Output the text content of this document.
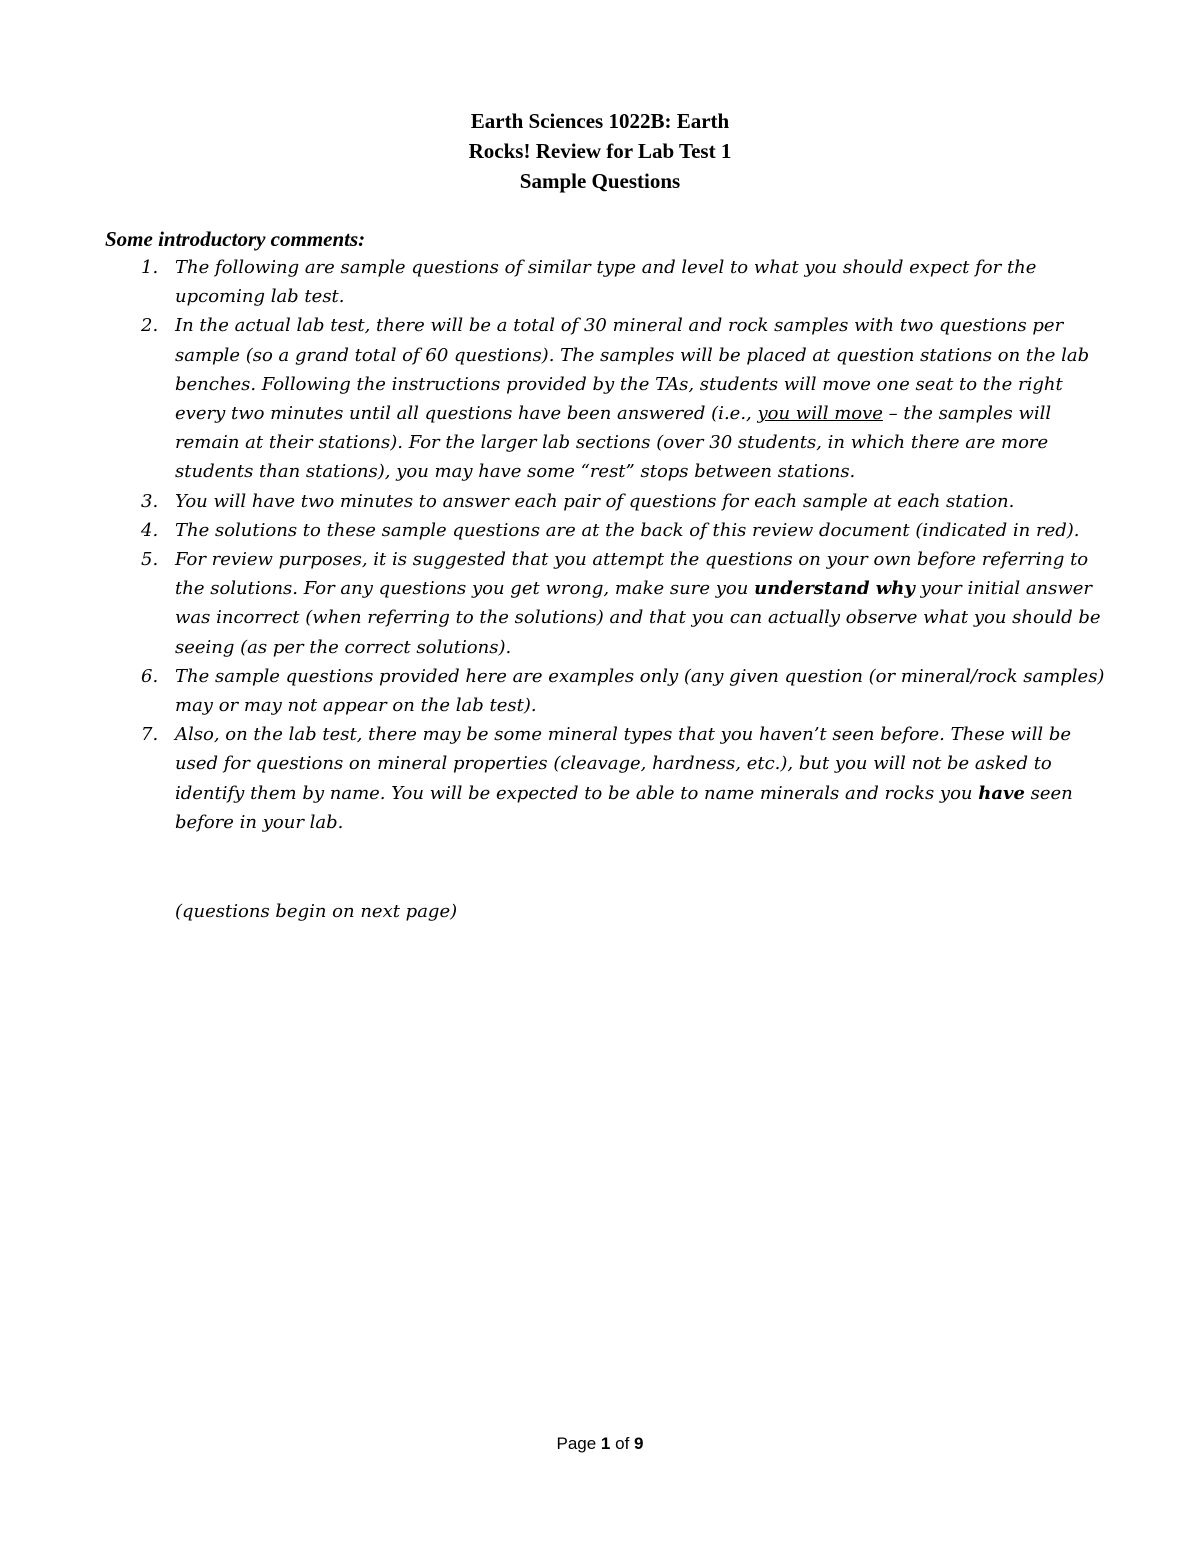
Earth Sciences 1022B: Earth
Rocks! Review for Lab Test 1
Sample Questions
Some introductory comments:
1. The following are sample questions of similar type and level to what you should expect for the upcoming lab test.
2. In the actual lab test, there will be a total of 30 mineral and rock samples with two questions per sample (so a grand total of 60 questions). The samples will be placed at question stations on the lab benches. Following the instructions provided by the TAs, students will move one seat to the right every two minutes until all questions have been answered (i.e., you will move – the samples will remain at their stations). For the larger lab sections (over 30 students, in which there are more students than stations), you may have some “rest” stops between stations.
3. You will have two minutes to answer each pair of questions for each sample at each station.
4. The solutions to these sample questions are at the back of this review document (indicated in red).
5. For review purposes, it is suggested that you attempt the questions on your own before referring to the solutions. For any questions you get wrong, make sure you understand why your initial answer was incorrect (when referring to the solutions) and that you can actually observe what you should be seeing (as per the correct solutions).
6. The sample questions provided here are examples only (any given question (or mineral/rock samples) may or may not appear on the lab test).
7. Also, on the lab test, there may be some mineral types that you haven’t seen before. These will be used for questions on mineral properties (cleavage, hardness, etc.), but you will not be asked to identify them by name. You will be expected to be able to name minerals and rocks you have seen before in your lab.
(questions begin on next page)
Page 1 of 9
